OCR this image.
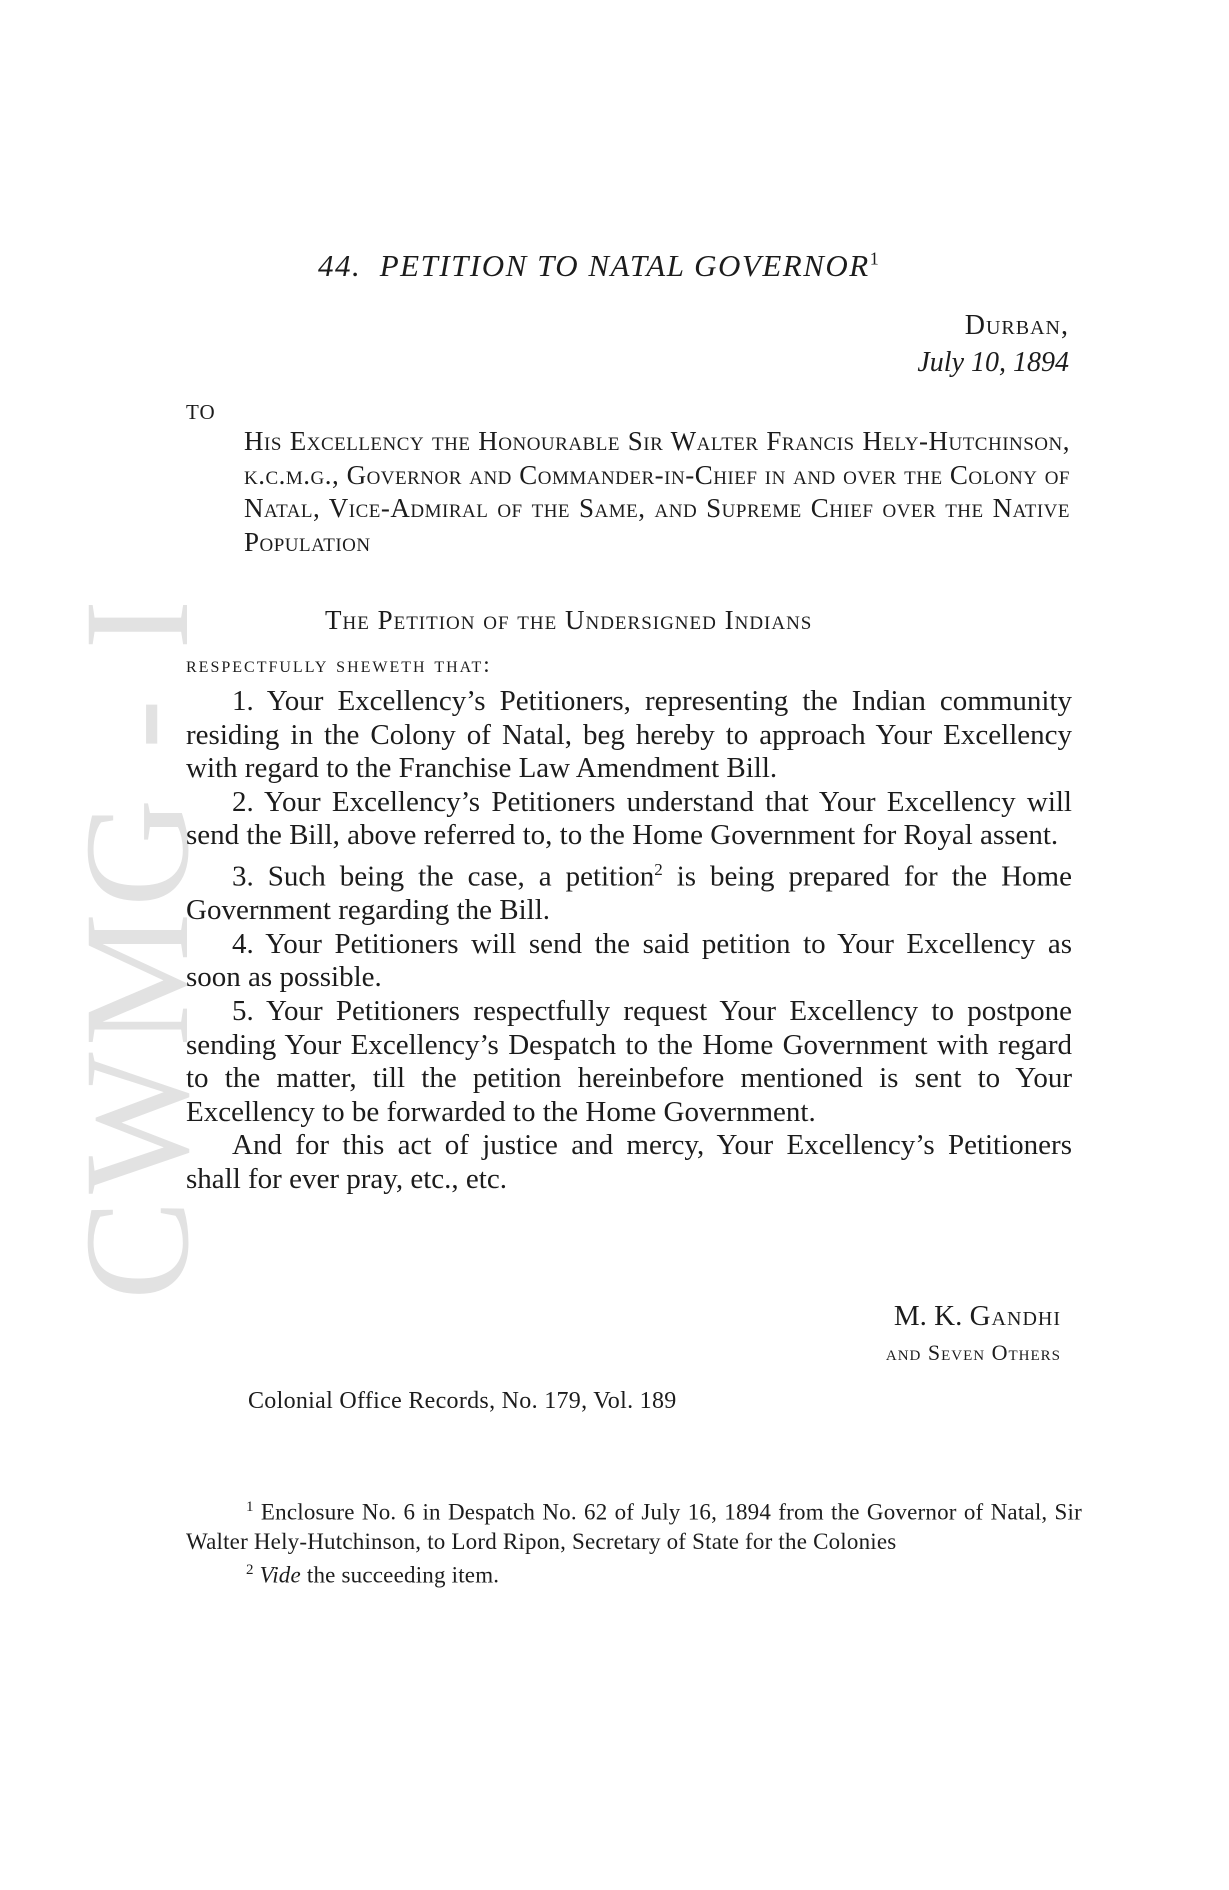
CWMG - I
44. PETITION TO NATAL GOVERNOR$^1$
Durban,
July 10, 1894
TO
His Excellency the Honourable Sir Walter Francis Hely-Hutchinson, k.c.m.g., Governor and Commander-in-Chief in and over the Colony of Natal, Vice-Admiral of the Same, and Supreme Chief over the Native Population
The Petition of the Undersigned Indians
respectfully sheweth that:

1. Your Excellency’s Petitioners, representing the Indian community residing in the Colony of Natal, beg hereby to approach Your Excellency with regard to the Franchise Law Amendment Bill.

2. Your Excellency’s Petitioners understand that Your Excellency will send the Bill, above referred to, to the Home Government for Royal assent.

3. Such being the case, a petition$^2$ is being prepared for the Home Government regarding the Bill.

4. Your Petitioners will send the said petition to Your Excellency as soon as possible.

5. Your Petitioners respectfully request Your Excellency to postpone sending Your Excellency’s Despatch to the Home Government with regard to the matter, till the petition hereinbefore mentioned is sent to Your Excellency to be forwarded to the Home Government.

And for this act of justice and mercy, Your Excellency’s Petitioners shall for ever pray, etc., etc.

M. K. Gandhi
and Seven Others
Colonial Office Records, No. 179, Vol. 189

$^1$ Enclosure No. 6 in Despatch No. 62 of July 16, 1894 from the Governor of Natal, Sir Walter Hely-Hutchinson, to Lord Ripon, Secretary of State for the Colonies

$^2$ Vide the succeeding item.
